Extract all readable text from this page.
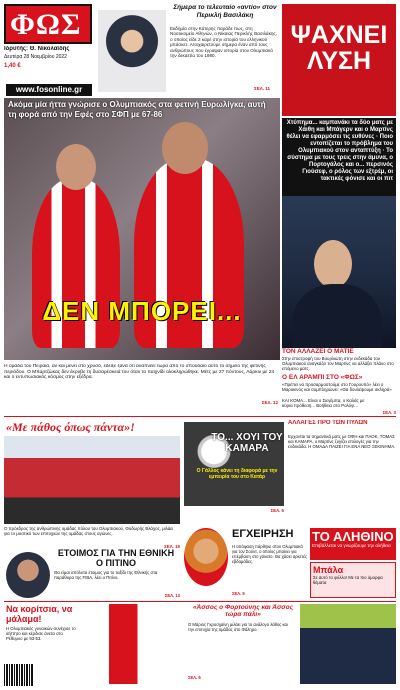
ΦΩΣ
Ιδρυτής: Θ. Νικολαΐδης
Δευτέρα 28 Νοεμβρίου 2022
1,40 €
www.fosonline.gr
Σήμερα το τελευταίο «αντίο» στον Περικλή Βασιλάκη
Εκδημία στην Κάτερης παράδε πως, στη Νοσοκομείο Αθηνών, ο Νίκαιας Περικλής Βασιλάκης, ο οποίος είδε 2 καρέ στην ιστορία του ελληνικού μπάσκετ. Αποχαιρετούμε σήμερα έναν από τους ανθρώπους που έγραψαν ιστορία στον Ολυμπιακό την δεκαετία του 1980.
ΣΕΛ. 11
ΨΑΧΝΕΙ ΛΥΣΗ
Χτύπημα... καμπανάκι τα δύο ματς με Χάιθη και Μπάγερν και ο Μαρτίνς θέλει να εφαρμόσει τις ευθύνες · Ποιο εντοπίζεται το πρόβλημα του Ολυμπιακού στον ανταπτύξη · Το σύστημα με τους τρεις στην άμυνα, ο Πορτογάλος και ο... περσινός Γιούσεφ, ο ρόλος των εξτρέμ, οι τακτικές φόνισε και οι πιτ
ΤΟΝ ΑΛΛΑΖΕΙ Ο ΜΑΤΙΕ
Στην επιστροφή του Βουρλιώτη στην ενδεκάδα του Ολυμπιακού αναγκάζει τον Μαρτίνς να αλλάξει πλάνο στο επόμενο ματς.
Ο ΕΛ ΑΡΑΜΠΙ ΣΤΟ «ΦΩΣ»
«Πρέπει να προσαρμοστούμε στο Γουρουπό» λέει ο Μαροκινός και συμπληρώνει: «Θα δουλέψουμε σκληρά»
ΚΑΙ ΚΟΜΑ... Είναι ο Σιεγέμπα, ο Καλάς με κύρια πρόθεση... Βοήθεια στο Ρολόγι...
ΣΕΛ. 3
Ακόμα μία ήττα γνώρισε ο Ολυμπιακός στα φετινή Ευρωλίγκα, αυτή τη φορά από την Εφές στο ΣΦΠ με 67-86
ΔΕΝ ΜΠΟΡΕΙ...
Η ομάδα του Πειραιά, αν και μένει στο χρυσό, έδειξε ξανά ότι αναπνέει τώρα από το σπουδαίο αυτό το σημείο της φετινής περιόδου. Ο Μπαρτζώκας δεν έκρυβε τη δυσαρέσκειά του όταν το παιχνίδι ολοκληρώθηκε. Μέτς με 27 πόντους, Λάρκιν με 24 και ο εντυπωσιακός κόσμος στην εξέδρα.
ΣΕΛ. 12
«Με πάθος όπως πάντα»!
Ο πρόεδρος της ανθρώπινης ομάδας πόλου του Ολυμπιακού, Θοδωρής Βλάχος, μιλάει για το μυστικό των επιτυχιών της ομάδας στους αγώνες.
ΣΕΛ. 19
ΤΟ... ΧΟΥΙ ΤΟΥ ΚΑΜΑΡΑ
Ο Γάλλος κάνει τη διαφορά με την εμπειρία του στο Κατάρ
ΣΕΛ. 5
ΑΛΛΑΓΕΣ ΠΡΟ ΤΩΝ ΠΥΛΩΝ
Ερχονται τα σημαντικά ματς με ΟΦΗ και ΠΑΟΚ, ΤΟΜΑΣ και ΚΑΜΑΡΑ, ο Μαρτίνς ζυγίζει επιλογές για την ενδεκάδα. Η ΟΜΑΔΑ ΠΑΙΖΕΙ ΓΙΑ ΕΝΑ ΝΕΟ ΞΕΚΙΝΗΜΑ.
ΕΓΧΕΙΡΗΣΗ
Η απόφαση πάρθηκε στον Ολυμπιακό για τον Σούντ, ο οποίος μπαίνει για επέμβαση στο γόνατο. Θα χάσει αρκετές εβδομάδες.
ΣΕΛ. 9
ΤΟ ΑΛΗΘΙΝΟ
Επιβάλλεται να γνωρίζουμε την αλήθεια
Μπάλα
Σε αυτό το φύλλο! Με τα πιο όμορφα θέματα
ΕΤΟΙΜΟΣ ΓΙΑ ΤΗΝ ΕΘΝΙΚΗ Ο ΠΙΤΙΝΟ
Θα είμαι απόλυτα έτοιμος για το ταξίδι της Εθνικής στα παράθυρα της FIBA, λέει ο Πιτίνο.
ΣΕΛ. 13
Να κορίτσια, να μάλαμα!
Η Ολυμπιακός γυναικών συνέχισε το αήττητο και κέρδισε άνετα στο Ρέθυμνο με 93-53.
«Άσσος ο Φορτούνης και Άσσος τώρα πάλι»
Ο Μάριος Γκροσχαίνη μιλάει για το ανάλογο λάθος και την επιτυχία της ομάδας στο Φάληρο.
ΣΕΛ. 6
